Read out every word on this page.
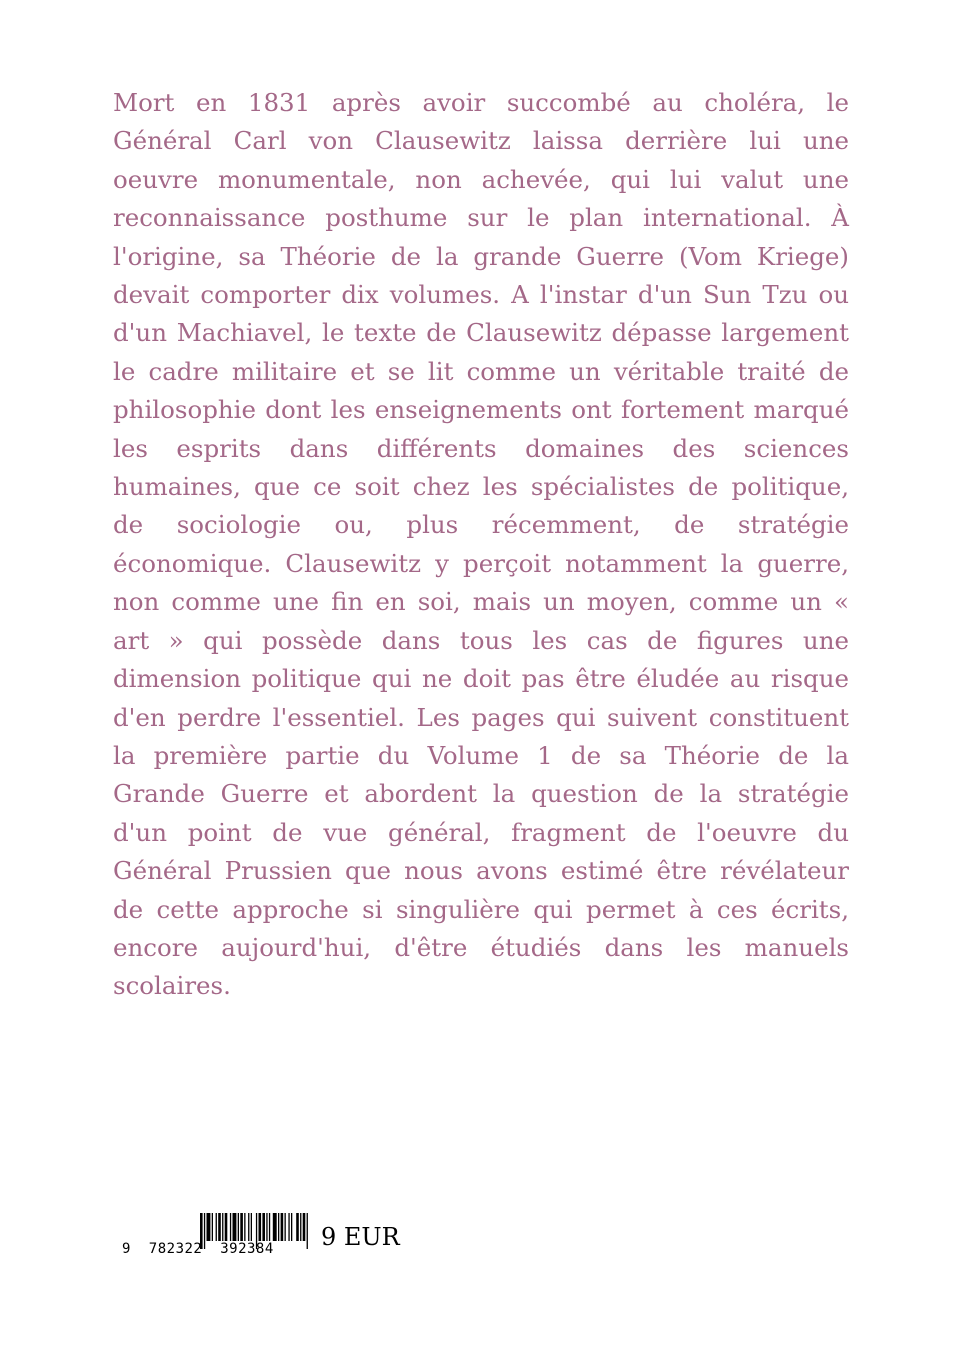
Mort en 1831 après avoir succombé au choléra, le Général Carl von Clausewitz laissa derrière lui une oeuvre monumentale, non achevée, qui lui valut une reconnaissance posthume sur le plan international. À l'origine, sa Théorie de la grande Guerre (Vom Kriege) devait comporter dix volumes. A l'instar d'un Sun Tzu ou d'un Machiavel, le texte de Clausewitz dépasse largement le cadre militaire et se lit comme un véritable traité de philosophie dont les enseignements ont fortement marqué les esprits dans différents domaines des sciences humaines, que ce soit chez les spécialistes de politique, de sociologie ou, plus récemment, de stratégie économique. Clausewitz y perçoit notamment la guerre, non comme une fin en soi, mais un moyen, comme un « art » qui possède dans tous les cas de figures une dimension politique qui ne doit pas être éludée au risque d'en perdre l'essentiel. Les pages qui suivent constituent la première partie du Volume 1 de sa Théorie de la Grande Guerre et abordent la question de la stratégie d'un point de vue général, fragment de l'oeuvre du Général Prussien que nous avons estimé être révélateur de cette approche si singulière qui permet à ces écrits, encore aujourd'hui, d'être étudiés dans les manuels scolaires.

9  782322  392384 9 EUR
